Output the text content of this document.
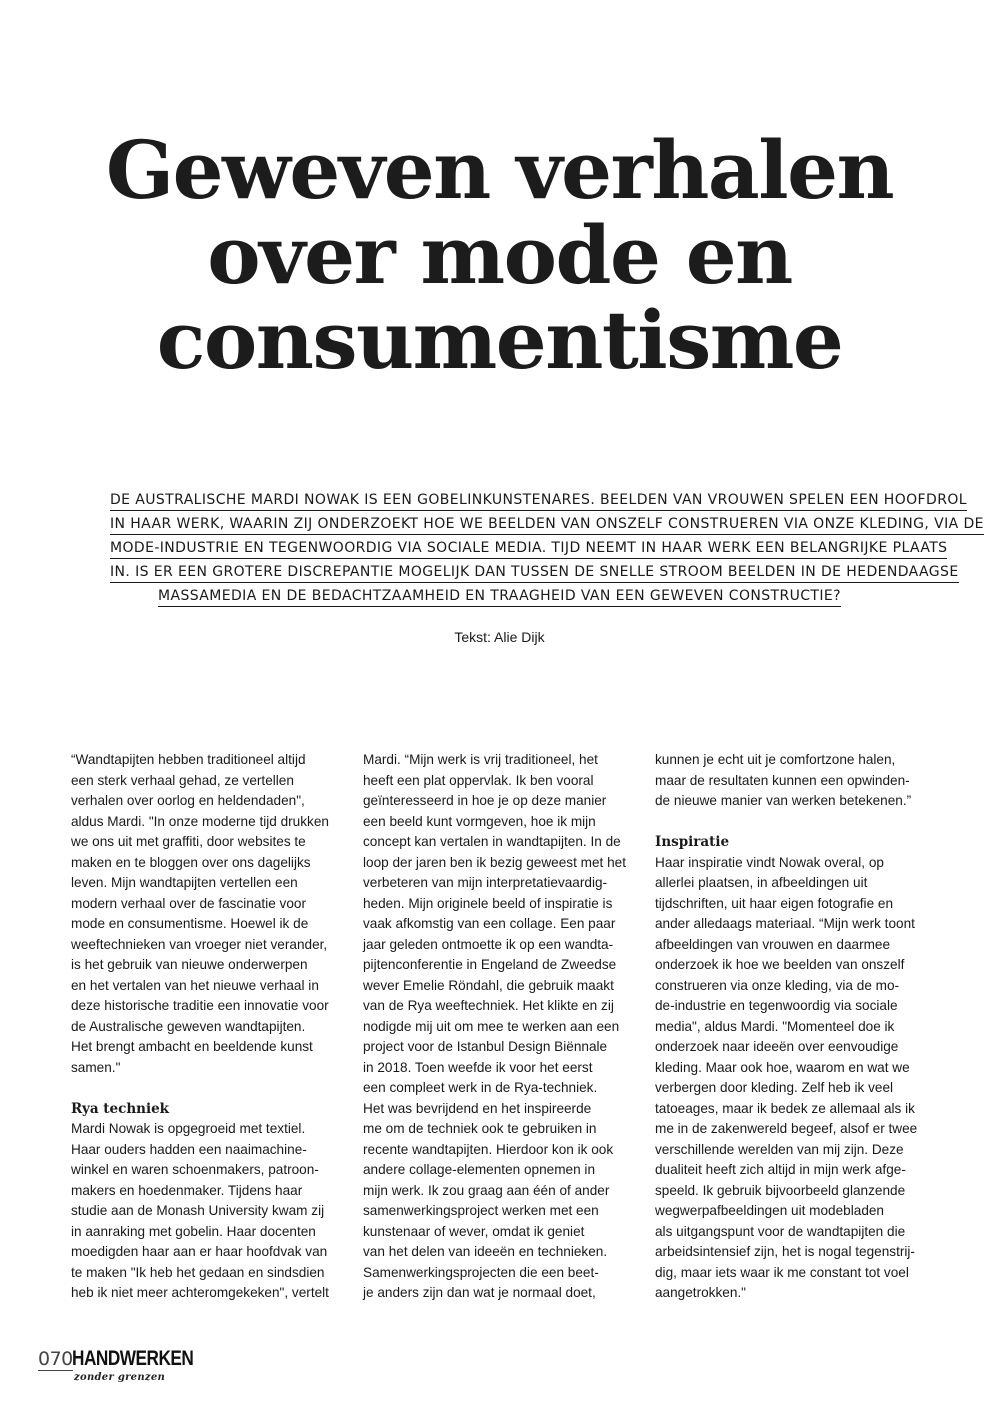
Geweven verhalen
over mode en
consumentisme
DE AUSTRALISCHE MARDI NOWAK IS EEN GOBELINKUNSTENARES. BEELDEN VAN VROUWEN SPELEN EEN HOOFDROL
IN HAAR WERK, WAARIN ZIJ ONDERZOEKT HOE WE BEELDEN VAN ONSZELF CONSTRUEREN VIA ONZE KLEDING, VIA DE
MODE-INDUSTRIE EN TEGENWOORDIG VIA SOCIALE MEDIA. TIJD NEEMT IN HAAR WERK EEN BELANGRIJKE PLAATS
IN. IS ER EEN GROTERE DISCREPANTIE MOGELIJK DAN TUSSEN DE SNELLE STROOM BEELDEN IN DE HEDENDAAGSE
MASSAMEDIA EN DE BEDACHTZAAMHEID EN TRAAGHEID VAN EEN GEWEVEN CONSTRUCTIE?
Tekst: Alie Dijk
“Wandtapijten hebben traditioneel altijd
een sterk verhaal gehad, ze vertellen
verhalen over oorlog en heldendaden",
aldus Mardi. "In onze moderne tijd drukken
we ons uit met graffiti, door websites te
maken en te bloggen over ons dagelijks
leven. Mijn wandtapijten vertellen een
modern verhaal over de fascinatie voor
mode en consumentisme. Hoewel ik de
weeftechnieken van vroeger niet verander,
is het gebruik van nieuwe onderwerpen
en het vertalen van het nieuwe verhaal in
deze historische traditie een innovatie voor
de Australische geweven wandtapijten.
Het brengt ambacht en beeldende kunst
samen."
Rya techniek
Mardi Nowak is opgegroeid met textiel.
Haar ouders hadden een naaimachine-
winkel en waren schoenmakers, patroon-
makers en hoedenmaker. Tijdens haar
studie aan de Monash University kwam zij
in aanraking met gobelin. Haar docenten
moedigden haar aan er haar hoofdvak van
te maken "Ik heb het gedaan en sindsdien
heb ik niet meer achteromgekeken", vertelt
Mardi. “Mijn werk is vrij traditioneel, het
heeft een plat oppervlak. Ik ben vooral
geïnteresseerd in hoe je op deze manier
een beeld kunt vormgeven, hoe ik mijn
concept kan vertalen in wandtapijten. In de
loop der jaren ben ik bezig geweest met het
verbeteren van mijn interpretatievaardig-
heden. Mijn originele beeld of inspiratie is
vaak afkomstig van een collage. Een paar
jaar geleden ontmoette ik op een wandta-
pijtenconferentie in Engeland de Zweedse
wever Emelie Röndahl, die gebruik maakt
van de Rya weeftechniek. Het klikte en zij
nodigde mij uit om mee te werken aan een
project voor de Istanbul Design Biënnale
in 2018. Toen weefde ik voor het eerst
een compleet werk in de Rya-techniek.
Het was bevrijdend en het inspireerde
me om de techniek ook te gebruiken in
recente wandtapijten. Hierdoor kon ik ook
andere collage-elementen opnemen in
mijn werk. Ik zou graag aan één of ander
samenwerkingsproject werken met een
kunstenaar of wever, omdat ik geniet
van het delen van ideeën en technieken.
Samenwerkingsprojecten die een beet-
je anders zijn dan wat je normaal doet,
kunnen je echt uit je comfortzone halen,
maar de resultaten kunnen een opwinden-
de nieuwe manier van werken betekenen.”
Inspiratie
Haar inspiratie vindt Nowak overal, op
allerlei plaatsen, in afbeeldingen uit
tijdschriften, uit haar eigen fotografie en
ander alledaags materiaal. “Mijn werk toont
afbeeldingen van vrouwen en daarmee
onderzoek ik hoe we beelden van onszelf
construeren via onze kleding, via de mo-
de-industrie en tegenwoordig via sociale
media", aldus Mardi. "Momenteel doe ik
onderzoek naar ideeën over eenvoudige
kleding. Maar ook hoe, waarom en wat we
verbergen door kleding. Zelf heb ik veel
tatoeages, maar ik bedek ze allemaal als ik
me in de zakenwereld begeef, alsof er twee
verschillende werelden van mij zijn. Deze
dualiteit heeft zich altijd in mijn werk afge-
speeld. Ik gebruik bijvoorbeeld glanzende
wegwerpafbeeldingen uit modebladen
als uitgangspunt voor de wandtapijten die
arbeidsintensief zijn, het is nogal tegenstrij-
dig, maar iets waar ik me constant tot voel
aangetrokken."
070 HANDWERKEN
zonder grenzen
